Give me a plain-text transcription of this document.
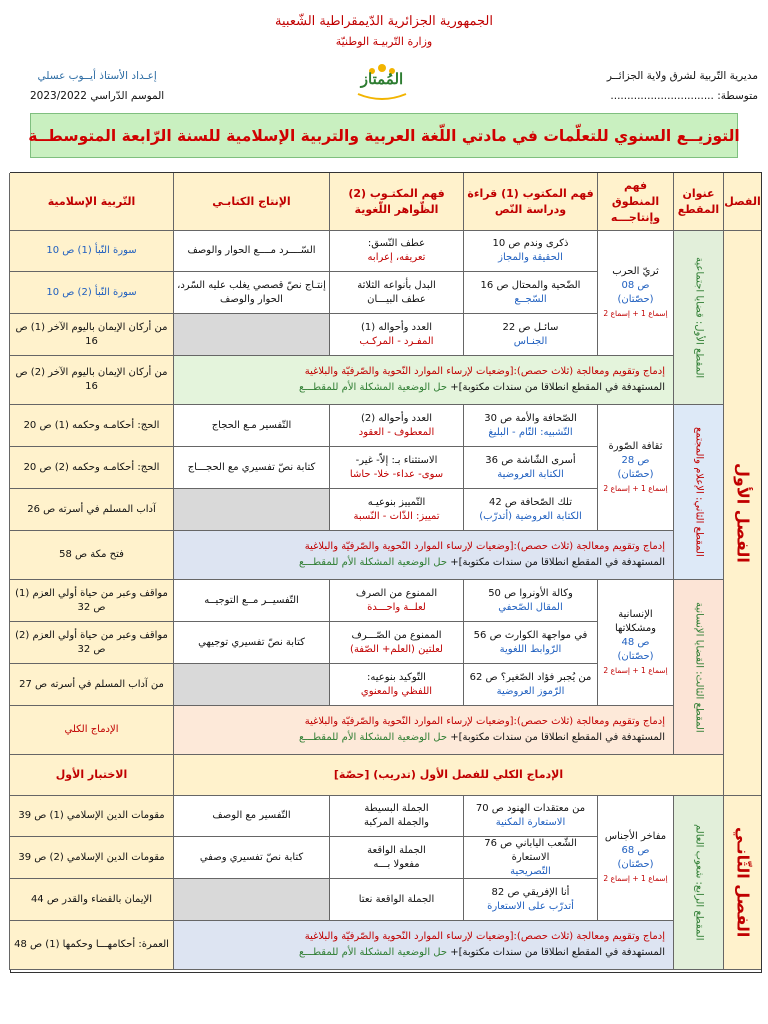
الجمهورية الجزائرية الدّيمقراطية الشّعبية
وزارة التّربيـة الوطنيّة
مديرية التّربية لشرق ولاية الجزائــر
متوسطة: ...............................
المُمتاز
إعـداد الأستاذ أيــوب عسلي
الموسم الدّراسي 2023/2022
التوزيــع السنوي للتعلّمات في مادتي اللّغة العربية والتربية الإسلامية للسنة الرّابعة المتوسطــة
الفصل
عنوان المقطع
فهم المنطوق وإنتاجـــه
فهم المكتوب (1) قراءة ودراسة النّص
فهم المكتـوب (2) الظّواهر اللّغوية
الإنتاج الكتابـي
التّربية الإسلامية
الفصل الأول
الفصل الثّانـي
المقطع الأول: قضايا اجتماعية
المقطع الثاني: الإعلام والمجتمع
المقطع الثالث: القضايا الإنسانية
المقطع الرابع: شعوب العالم
ثريّ الحرب
ص 08
(حصّتان)
إسماع 1 + إسماع 2
ثقافة الصّورة
ص 28
(حصّتان)
إسماع 1 + إسماع 2
الإنسانية ومشكلاتها
ص 48
(حصّتان)
إسماع 1 + إسماع 2
مفاخر الأجناس
ص 68
(حصّتان)
إسماع 1 + إسماع 2
ذكرى وندم ص 10
الحقيقة والمجاز
عطف النّسق:
تعريفه، إعرابه
السّــــرد مــــع الحوار والوصف
سورة النّبأ (1) ص 10
الضّحية والمحتال ص 16
السّجــع
البدل بأنواعه الثلاثة
عطف البيـــان
إنتـاج نصّ قصصي يغلب عليه السّرد، الحوار والوصف
سورة النّبأ (2) ص 10
سائـل ص 22
الجنـاس
العدد وأحواله (1)
المفـرد - المركـب
من أركان الإيمان باليوم الآخر (1) ص 16
إدماج وتقويم ومعالجة (ثلاث حصص):[وضعيات لإرساء الموارد النّحوية والصّرفيّة والبلاغية
المستهدفة في المقطع انطلاقا من سندات مكتوبة]+ حل الوضعية المشكلة الأم للمقطـــع
من أركان الإيمان باليوم الآخر (2) ص 16
الصّحافة والأمة ص 30
التّشبيه: التّام - البليغ
العدد وأحواله (2)
المعطوف - العقود
التّفسير مـع الحجاج
الحج: أحكامـه وحكمه (1) ص 20
أسرى الشّاشة ص 36
الكتابة العروضية
الاستثناء بـ: إلاّ- غير-
سوى- عداء- خلا- حاشا
كتابة نصّ تفسيري مع الحجـــاج
الحج: أحكامـه وحكمه (2) ص 20
تلك الصّحافة ص 42
الكتابة العروضية (أتدرّب)
التّمييز بنوعيـه
تمييز: الذّات - النّسبة
آداب المسلم في أسرته ص 26
إدماج وتقويم ومعالجة (ثلاث حصص):[وضعيات لإرساء الموارد النّحوية والصّرفيّة والبلاغية
المستهدفة في المقطع انطلاقا من سندات مكتوبة]+ حل الوضعية المشكلة الأم للمقطـــع
فتح مكة ص 58
وكالة الأونروا ص 50
المقال الصّحفي
الممنوع من الصرف
لعلــة واحـــدة
التّفسيــر مــع التوجيــه
مواقف وعبر من حياة أولي العزم (1) ص 32
في مواجهة الكوارث ص 56
الرّوابط اللغوية
الممنوع من الصّـــرف
لعلتين (العلم+ الصّفة)
كتابة نصّ تفسيري توجيهي
مواقف وعبر من حياة أولي العزم (2) ص 32
من يُجبر فؤاد الصّغير؟ ص 62
الرّموز العروضية
التّوكيد بنوعيه:
اللفظي والمعنوي
من آداب المسلم في أسرته ص 27
إدماج وتقويم ومعالجة (ثلاث حصص):[وضعيات لإرساء الموارد النّحوية والصّرفيّة والبلاغية
المستهدفة في المقطع انطلاقا من سندات مكتوبة]+ حل الوضعية المشكلة الأم للمقطـــع
الإدماج الكلي
الإدماج الكلي للفصل الأول (تدريب) [حصّة]
الاختبار الأول
من معتقدات الهنود ص 70
الاستعارة المكنية
الجملة البسيطة
والجملة المركبة
التّفسير مع الوصف
مقومات الدين الإسلامي (1) ص 39
الشّعب الياباني ص 76 الاستعارة
التّصريحية
الجملة الواقعة
مفعولا بـــه
كتابة نصّ تفسيري وصفي
مقومات الدين الإسلامي (2) ص 39
أنا الإفريقي ص 82
أتدرّب على الاستعارة
الجملة الواقعة نعتا
الإيمان بالقضاء والقدر ص 44
إدماج وتقويم ومعالجة (ثلاث حصص):[وضعيات لإرساء الموارد النّحوية والصّرفيّة والبلاغية
المستهدفة في المقطع انطلاقا من سندات مكتوبة]+ حل الوضعية المشكلة الأم للمقطـــع
العمرة: أحكامهـــا وحكمها (1) ص 48
